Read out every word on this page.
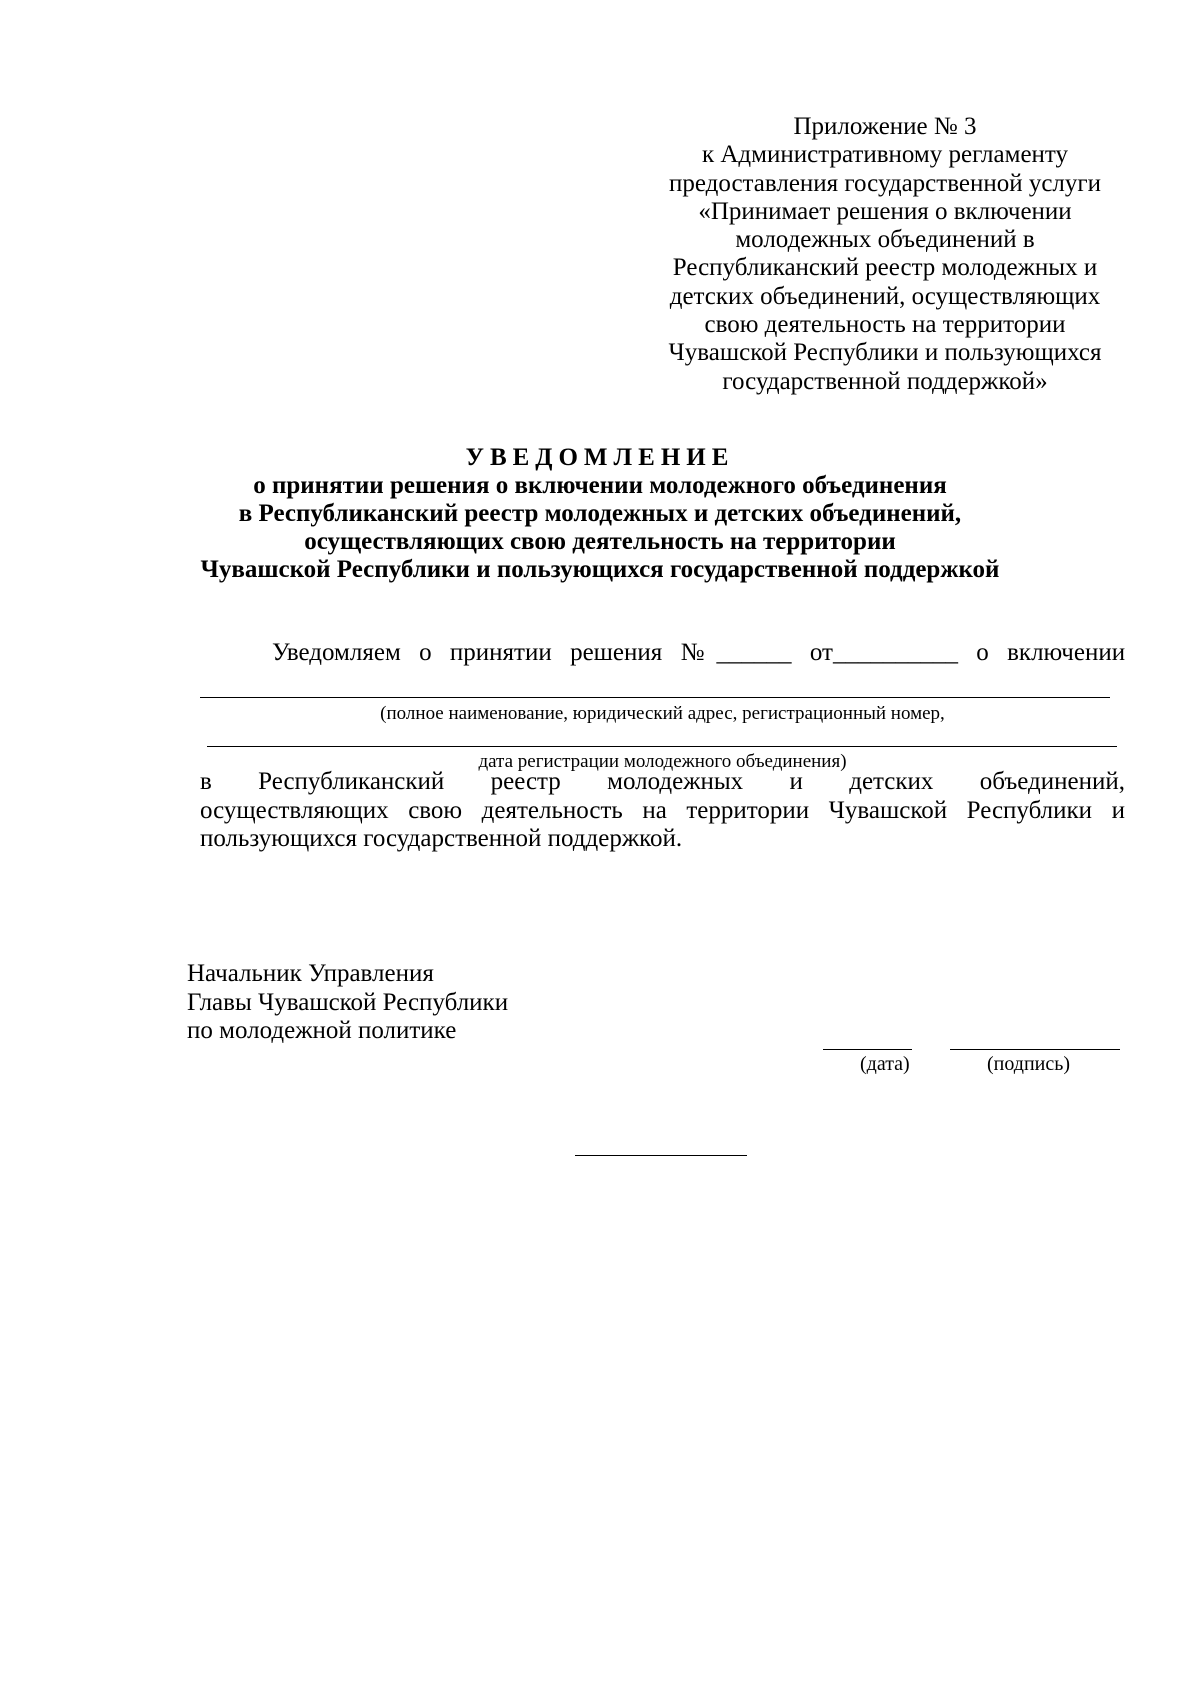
Приложение № 3
к Административному регламенту
предоставления государственной услуги
«Принимает решения о включении
молодежных объединений в
Республиканский реестр молодежных и
детских объединений, осуществляющих
свою деятельность на территории
Чувашской Республики и пользующихся
государственной поддержкой»
УВЕДОМЛЕНИЕ
о принятии решения о включении молодежного объединения
в Республиканский реестр молодежных и детских объединений,
осуществляющих свою деятельность на территории
Чувашской Республики и пользующихся государственной поддержкой
Уведомляем о принятии решения №______ от__________ о включении
(полное наименование, юридический адрес, регистрационный номер,
дата регистрации молодежного объединения)
в Республиканский реестр молодежных и детских объединений,
осуществляющих свою деятельность на территории Чувашской Республики и
пользующихся государственной поддержкой.
Начальник Управления
Главы Чувашской Республики
по молодежной политике
(дата)	(подпись)
